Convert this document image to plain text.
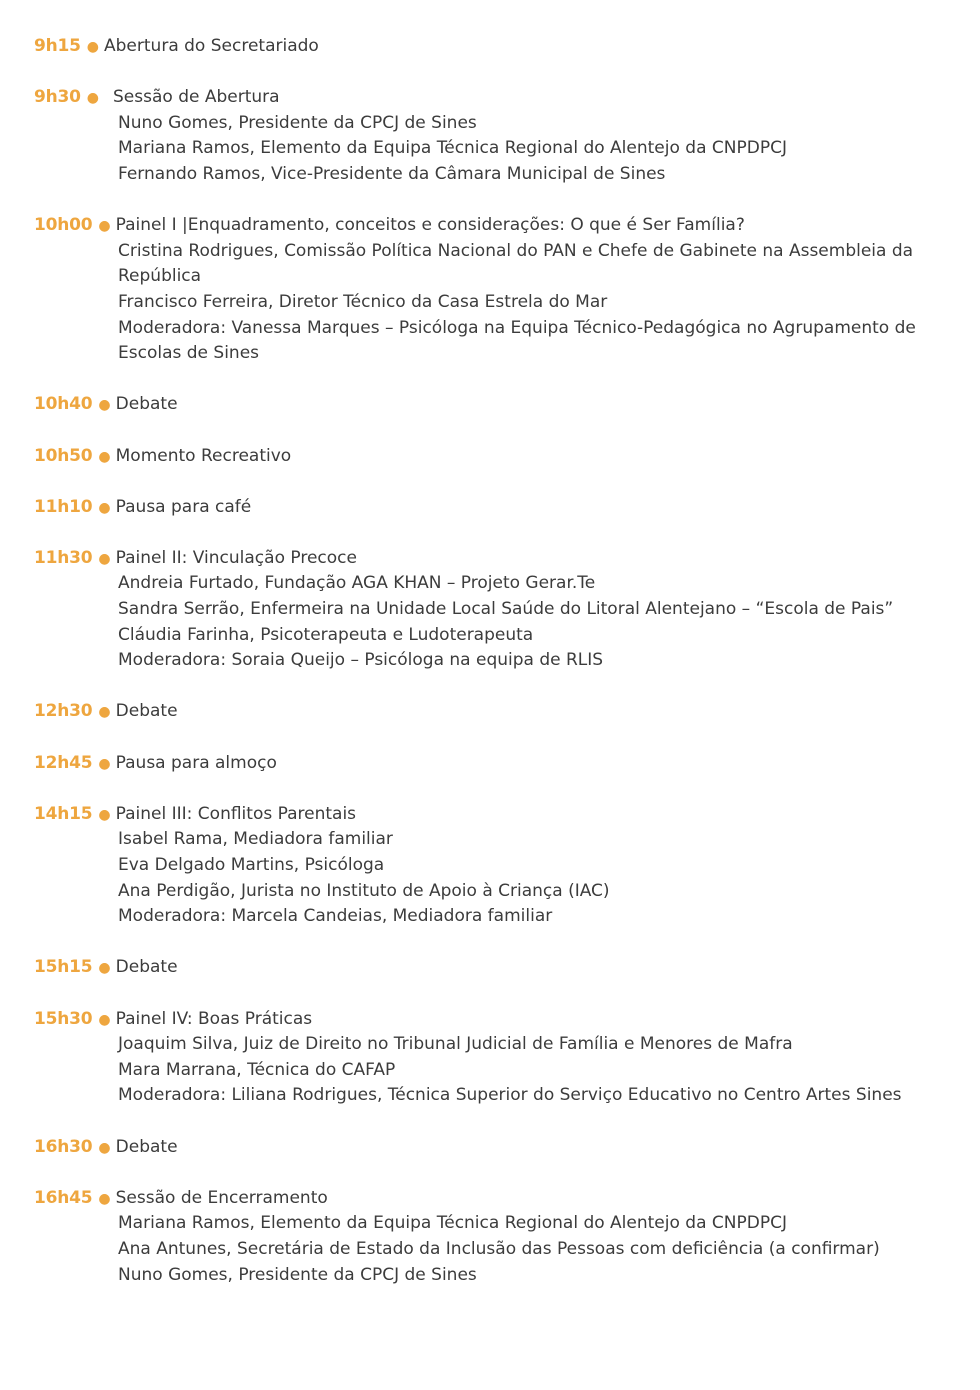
9h15 ● Abertura do Secretariado
9h30 ● Sessão de Abertura
Nuno Gomes, Presidente da CPCJ de Sines
Mariana Ramos, Elemento da Equipa Técnica Regional do Alentejo da CNPDPCJ
Fernando Ramos, Vice-Presidente da Câmara Municipal de Sines
10h00 ● Painel I |Enquadramento, conceitos e considerações: O que é Ser Família?
Cristina Rodrigues, Comissão Política Nacional do PAN e Chefe de Gabinete na Assembleia da República
Francisco Ferreira, Diretor Técnico da Casa Estrela do Mar
Moderadora: Vanessa Marques – Psicóloga na Equipa Técnico-Pedagógica no Agrupamento de Escolas de Sines
10h40 ● Debate
10h50 ● Momento Recreativo
11h10 ● Pausa para café
11h30 ● Painel II: Vinculação Precoce
Andreia Furtado, Fundação AGA KHAN – Projeto Gerar.Te
Sandra Serrão, Enfermeira na Unidade Local Saúde do Litoral Alentejano – “Escola de Pais”
Cláudia Farinha, Psicoterapeuta e Ludoterapeuta
Moderadora: Soraia Queijo – Psicóloga na equipa de RLIS
12h30 ● Debate
12h45 ● Pausa para almoço
14h15 ● Painel III: Conflitos Parentais
Isabel Rama, Mediadora familiar
Eva Delgado Martins, Psicóloga
Ana Perdigão, Jurista no Instituto de Apoio à Criança (IAC)
Moderadora: Marcela Candeias, Mediadora familiar
15h15 ● Debate
15h30 ● Painel IV: Boas Práticas
Joaquim Silva, Juiz de Direito no Tribunal Judicial de Família e Menores de Mafra
Mara Marrana, Técnica do CAFAP
Moderadora: Liliana Rodrigues, Técnica Superior do Serviço Educativo no Centro Artes Sines
16h30 ● Debate
16h45 ● Sessão de Encerramento
Mariana Ramos, Elemento da Equipa Técnica Regional do Alentejo da CNPDPCJ
Ana Antunes, Secretária de Estado da Inclusão das Pessoas com deficiência (a confirmar)
Nuno Gomes, Presidente da CPCJ de Sines
